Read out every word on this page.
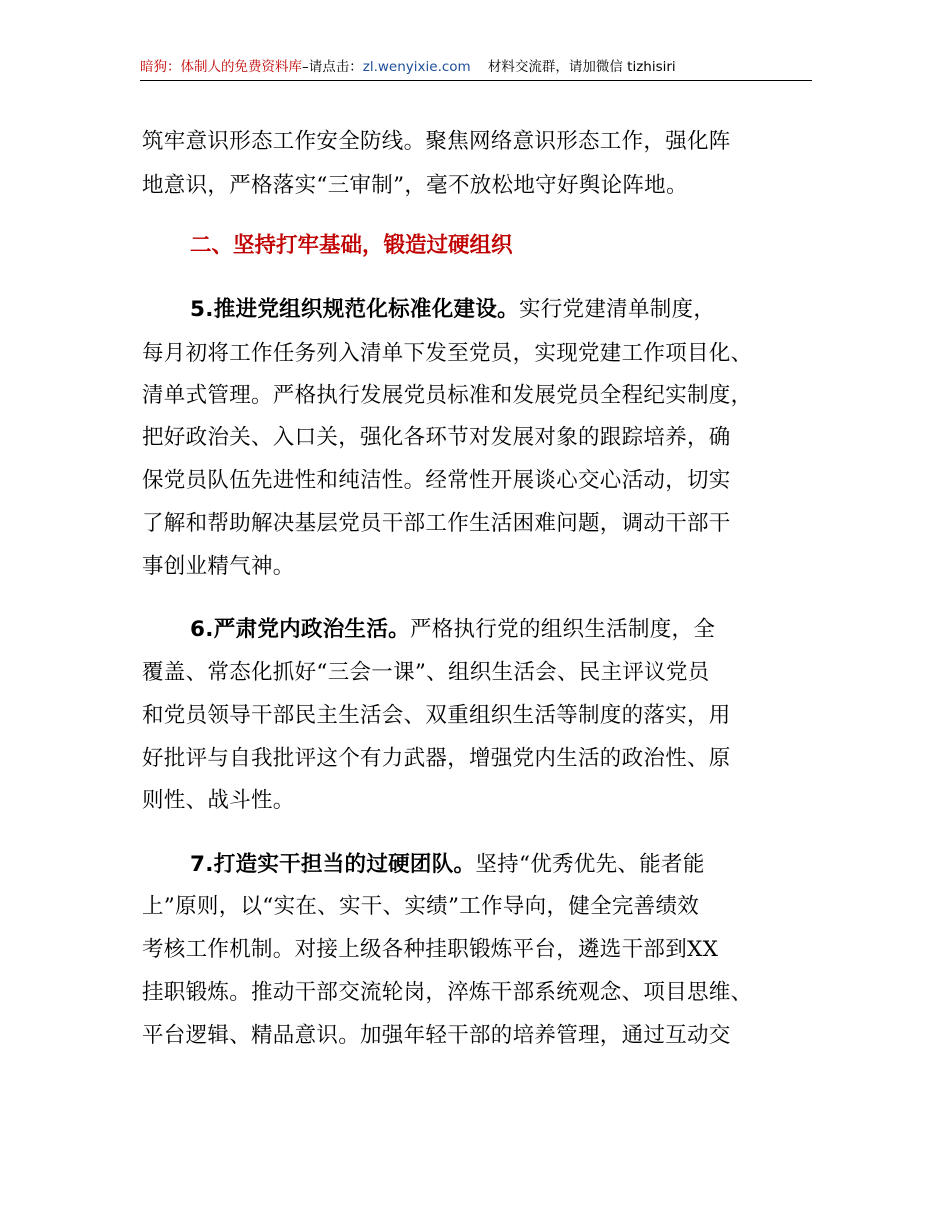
暗狗：体制人的免费资料库–请点击：zl.wenyixie.com 材料交流群，请加微信 tizhisiri
筑牢意识形态工作安全防线。聚焦网络意识形态工作，强化阵
地意识，严格落实“三审制”，毫不放松地守好舆论阵地。
二、坚持打牢基础，锻造过硬组织
5.推进党组织规范化标准化建设。实行党建清单制度，
每月初将工作任务列入清单下发至党员，实现党建工作项目化、
清单式管理。严格执行发展党员标准和发展党员全程纪实制度，
把好政治关、入口关，强化各环节对发展对象的跟踪培养，确
保党员队伍先进性和纯洁性。经常性开展谈心交心活动，切实
了解和帮助解决基层党员干部工作生活困难问题，调动干部干
事创业精气神。
6.严肃党内政治生活。严格执行党的组织生活制度，全
覆盖、常态化抓好“三会一课”、组织生活会、民主评议党员
和党员领导干部民主生活会、双重组织生活等制度的落实，用
好批评与自我批评这个有力武器，增强党内生活的政治性、原
则性、战斗性。
7.打造实干担当的过硬团队。坚持“优秀优先、能者能
上”原则，以“实在、实干、实绩”工作导向，健全完善绩效
考核工作机制。对接上级各种挂职锻炼平台，遴选干部到XX
挂职锻炼。推动干部交流轮岗，淬炼干部系统观念、项目思维、
平台逻辑、精品意识。加强年轻干部的培养管理，通过互动交
